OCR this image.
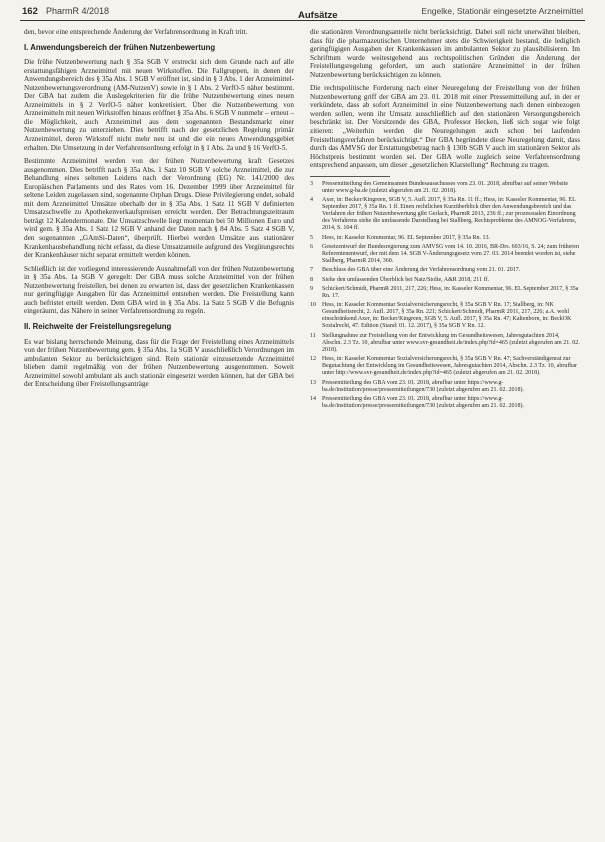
162 PharmR 4/2018	Aufsätze	Engelke, Stationär eingesetzte Arzneimittel

den, bevor eine entsprechende Änderung der Verfahrensordnung in Kraft tritt.

I. Anwendungsbereich der frühen Nutzenbewertung

Die frühe Nutzenbewertung nach § 35a SGB V erstreckt sich dem Grunde nach auf alle erstattungsfähigen Arzneimittel mit neuen Wirkstoffen. Die Fallgruppen, in denen der Anwendungsbereich des § 35a Abs. 1 SGB V eröffnet ist, sind in § 3 Abs. 1 der Arzneimittel-Nutzenbewertungsverordnung (AM-NutzenV) sowie in § 1 Abs. 2 VerfO-5 näher bestimmt. Der GBA hat zudem die Auslegekriterien für die frühe Nutzenbewertung eines neuen Arzneimittels in § 2 VerfO-5 näher konkretisiert. Über die Nutzenbewertung von Arzneimitteln mit neuen Wirkstoffen hinaus eröffnet § 35a Abs. 6 SGB V nunmehr – erneut – die Möglichkeit, auch Arzneimittel aus dem sogenannten Bestandsmarkt einer Nutzenbewertung zu unterziehen. Dies betrifft nach der gesetzlichen Regelung primär Arzneimittel, deren Wirkstoff nicht mehr neu ist und die ein neues Anwendungsgebiet erhalten. Die Umsetzung in der Verfahrensordnung erfolgt in § 1 Abs. 2a und § 16 VerfO-5.

Bestimmte Arzneimittel werden von der frühen Nutzenbewertung kraft Gesetzes ausgenommen. Dies betrifft nach § 35a Abs. 1 Satz 10 SGB V solche Arzneimittel, die zur Behandlung eines seltenen Leidens nach der Verordnung (EG) Nr. 141/2000 des Europäischen Parlaments und des Rates vom 16. Dezember 1999 über Arzneimittel für seltene Leiden zugelassen sind, sogenannte Orphan Drugs. Diese Privilegierung endet, sobald mit dem Arzneimittel Umsätze oberhalb der in § 35a Abs. 1 Satz 11 SGB V definierten Umsatzschwelle zu Apothekenverkaufspreisen erreicht werden. Der Betrachtungszeitraum beträgt 12 Kalendermonate. Die Umsatzschwelle liegt momentan bei 50 Millionen Euro und wird gem. § 35a Abs. 1 Satz 12 SGB V anhand der Daten nach § 84 Abs. 5 Satz 4 SGB V, den sogenannten „GAmSi-Daten“, überprüft. Hierbei werden Umsätze aus stationärer Krankenhausbehandlung nicht erfasst, da diese Umsatzanteile aufgrund des Vergütungsrechts der Krankenhäuser nicht separat ermittelt werden können.

Schließlich ist der vorliegend interessierende Ausnahmefall von der frühen Nutzenbewertung in § 35a Abs. 1a SGB V geregelt: Der GBA muss solche Arzneimittel von der frühen Nutzenbewertung freistellen, bei denen zu erwarten ist, dass der gesetzlichen Krankenkassen nur geringfügige Ausgaben für das Arzneimittel entstehen werden. Die Freistellung kann auch befristet erteilt werden. Dem GBA wird in § 35a Abs. 1a Satz 5 SGB V die Befugnis eingeräumt, das Nähere in seiner Verfahrensordnung zu regeln.

II. Reichweite der Freistellungsregelung

Es war bislang herrschende Meinung, dass für die Frage der Freistellung eines Arzneimittels von der frühen Nutzenbewertung gem. § 35a Abs. 1a SGB V ausschließlich Verordnungen im ambulanten Sektor zu berücksichtigen sind. Rein stationär einzusetzende Arzneimittel blieben damit regelmäßig von der frühen Nutzenbewertung ausgenommen. Soweit Arzneimittel sowohl ambulant als auch stationär eingesetzt werden können, hat der GBA bei der Entscheidung über Freistellungsanträge

die stationären Verordnungsanteile nicht berücksichtigt. Dabei soll nicht unerwähnt bleiben, dass für die pharmazeutischen Unternehmer stets die Schwierigkeit bestand, die lediglich geringfügigen Ausgaben der Krankenkassen im ambulanten Sektor zu plausibilisieren. Im Schrifttum wurde weitestgehend aus rechtspolitischen Gründen die Änderung der Freistellungsregelung gefordert, um auch stationäre Arzneimittel in der frühen Nutzenbewertung berücksichtigen zu können.

Die rechtspolitische Forderung nach einer Neuregelung der Freistellung von der frühen Nutzenbewertung griff der GBA am 23. 01. 2018 mit einer Pressemitteilung auf, in der er verkündete, dass ab sofort Arzneimittel in eine Nutzenbewertung nach denen einbezogen werden sollen, wenn ihr Umsatz ausschließlich auf den stationären Versorgungsbereich beschränkt ist. Der Vorsitzende des GBA, Professor Hecken, ließ sich sogar wie folgt zitieren: „Weiterhin werden die Neuregelungen auch schon bei laufenden Freistellungsverfahren berücksichtigt.“ Der GBA begründete diese Neuregelung damit, dass durch das AMVSG der Erstattungsbetrag nach § 130b SGB V auch im stationären Sektor als Höchstpreis bestimmt worden sei. Der GBA wolle zugleich seine Verfahrensordnung entsprechend anpassen, um dieser „gesetzlichen Klarstellung“ Rechnung zu tragen.

3 Pressemitteilung des Gemeinsamen Bundesausschusses vom 23. 01. 2018, abrufbar auf seiner Website unter www.g-ba.de (zuletzt abgerufen am 21. 02. 2018).
4 Axer, in: Becker/Kingreen, SGB V, 5. Aufl. 2017, § 35a Rn. 11 ff.; Hess, in: Kasseler Kommentar, 96. EL September 2017, § 35a Rn. 1 ff. Einen rechtlichen Kurzüberblick über den Anwendungsbereich und das Verfahren der frühen Nutzenbewertung gibt Gerlach, PharmR 2013, 236 ff.; zur prozessualen Einordnung des Verfahrens siehe die umfassende Darstellung bei Stallberg, Rechtsprobleme des AMNOG-Verfahrens, 2014, S. 104 ff.
5 Hess, in: Kasseler Kommentar, 96. EL September 2017, § 35a Rn. 13.
6 Gesetzentwurf der Bundesregierung zum AMVSG vom 14. 10. 2016, BR-Drs. 603/16, S. 24; zum früheren Referentenentwurf, der mit dem 14. SGB V-Änderungsgesetz vom 27. 03. 2014 beendet worden ist, siehe Stallberg, PharmR 2014, 360.
7 Beschluss des GBA über eine Änderung der Verfahrensordnung vom 21. 01. 2017.
8 Siehe den umfassenden Überblick bei Natz/Stolte, A&R 2018, 211 ff.
9 Schickert/Schmidt, PharmR 2011, 217, 226; Hess, in: Kasseler Kommentar, 96. EL September 2017, § 35a Rn. 17.
10 Hess, in: Kasseler Kommentar Sozialversicherungsrecht, § 35a SGB V Rn. 17; Stallberg, in: NK Gesundheitsrecht, 2. Aufl. 2017, § 35a Rn. 221; Schickert/Schmidt, PharmR 2011, 217, 226; a.A. wohl einschränkend Axer, in: Becker/Kingreen, SGB V, 5. Aufl. 2017, § 35a Rn. 47; Kaltenborn, in: BeckOK Sozialrecht, 47. Edition (Stand: 01. 12. 2017), § 35a SGB V Rn. 12.
11 Stellungnahme zur Freistellung von der Entwicklung im Gesundheitswesen, Jahresgutachten 2014, Abschn. 2.3 Tz. 10, abrufbar unter www.svr-gesundheit.de/index.php?id=465 (zuletzt abgerufen am 21. 02. 2018).
12 Hess, in: Kasseler Kommentar Sozialversicherungsrecht, § 35a SGB V Rn. 47; Sachverständigenrat zur Begutachtung der Entwicklung im Gesundheitswesen, Jahresgutachten 2014, Abschn. 2.3 Tz. 10, abrufbar unter http://www.svr-gesundheit.de/index.php?id=465 (zuletzt abgerufen am 21. 02. 2018).
13 Pressemitteilung des GBA vom 23. 01. 2018, abrufbar unter https://www.g-ba.de/institution/presse/pressemitteilungen/730 (zuletzt abgerufen am 21. 02. 2018).
14 Pressemitteilung des GBA vom 23. 01. 2018, abrufbar unter https://www.g-ba.de/institution/presse/pressemitteilungen/730 (zuletzt abgerufen am 21. 02. 2018).
